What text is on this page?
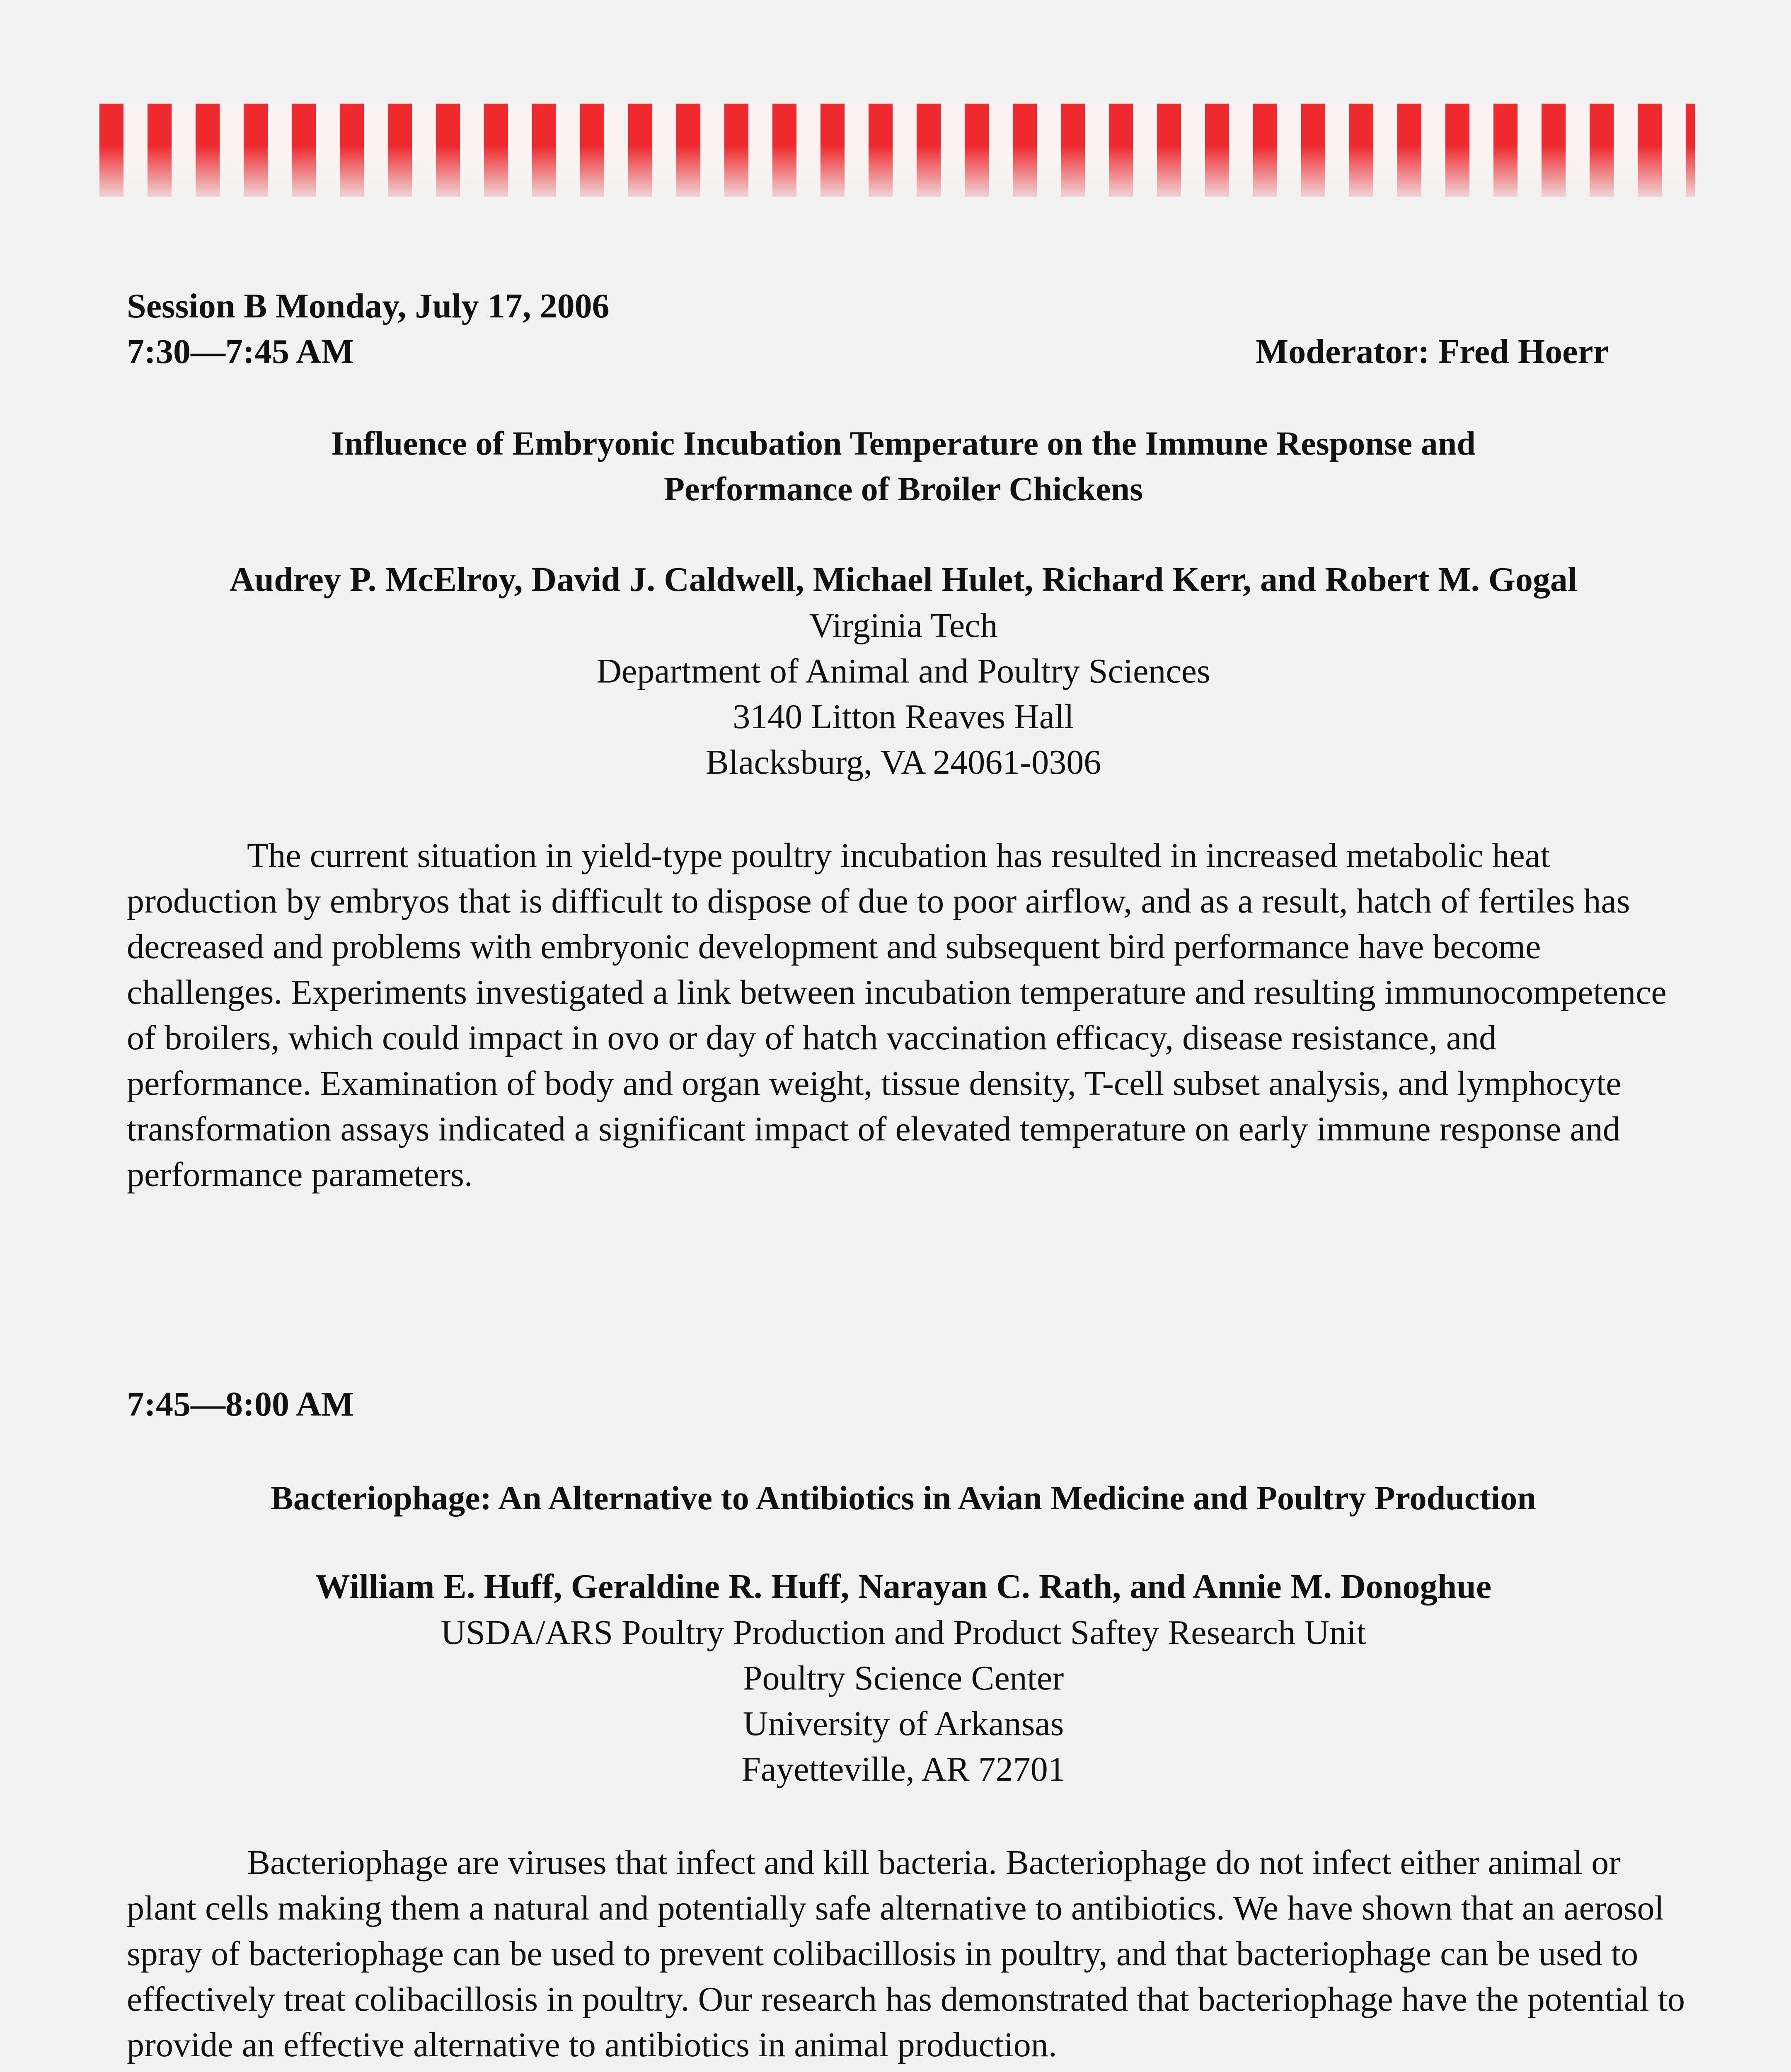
Session B Monday, July 17, 2006
7:30—7:45 AM	Moderator: Fred Hoerr
Influence of Embryonic Incubation Temperature on the Immune Response and
Performance of Broiler Chickens
Audrey P. McElroy, David J. Caldwell, Michael Hulet, Richard Kerr, and Robert M. Gogal
Virginia Tech
Department of Animal and Poultry Sciences
3140 Litton Reaves Hall
Blacksburg, VA 24061-0306
The current situation in yield-type poultry incubation has resulted in increased metabolic heat production by embryos that is difficult to dispose of due to poor airflow, and as a result, hatch of fertiles has decreased and problems with embryonic development and subsequent bird performance have become challenges. Experiments investigated a link between incubation temperature and resulting immunocompetence of broilers, which could impact in ovo or day of hatch vaccination efficacy, disease resistance, and performance. Examination of body and organ weight, tissue density, T-cell subset analysis, and lymphocyte transformation assays indicated a significant impact of elevated temperature on early immune response and performance parameters.
7:45—8:00 AM
Bacteriophage: An Alternative to Antibiotics in Avian Medicine and Poultry Production
William E. Huff, Geraldine R. Huff, Narayan C. Rath, and Annie M. Donoghue
USDA/ARS Poultry Production and Product Saftey Research Unit
Poultry Science Center
University of Arkansas
Fayetteville, AR 72701
Bacteriophage are viruses that infect and kill bacteria. Bacteriophage do not infect either animal or plant cells making them a natural and potentially safe alternative to antibiotics. We have shown that an aerosol spray of bacteriophage can be used to prevent colibacillosis in poultry, and that bacteriophage can be used to effectively treat colibacillosis in poultry. Our research has demonstrated that bacteriophage have the potential to provide an effective alternative to antibiotics in animal production.
